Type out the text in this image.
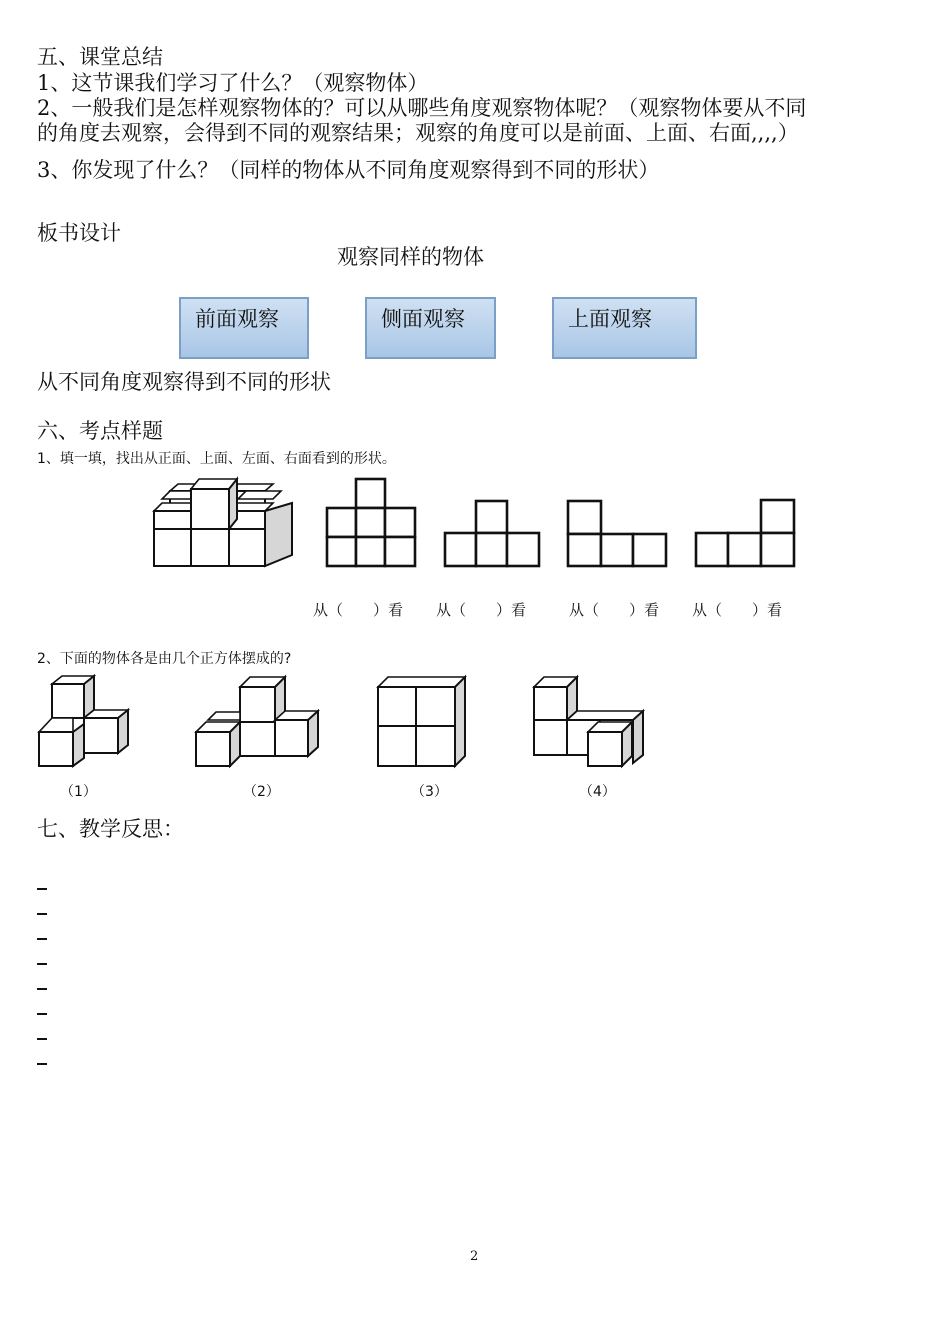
五、课堂总结
1、这节课我们学习了什么？（观察物体）
2、一般我们是怎样观察物体的？可以从哪些角度观察物体呢？（观察物体要从不同
的角度去观察，会得到不同的观察结果；观察的角度可以是前面、上面、右面,,,,）
3、你发现了什么？（同样的物体从不同角度观察得到不同的形状）
板书设计
观察同样的物体
前面观察	侧面观察	上面观察
从不同角度观察得到不同的形状
六、考点样题
1、填一填，找出从正面、上面、左面、右面看到的形状。
从（　　）看 从（　　）看	从（　　）看 从（　　）看
2、下面的物体各是由几个正方体摆成的?
（1）	（2）	（3）	（4）
七、教学反思：
2
